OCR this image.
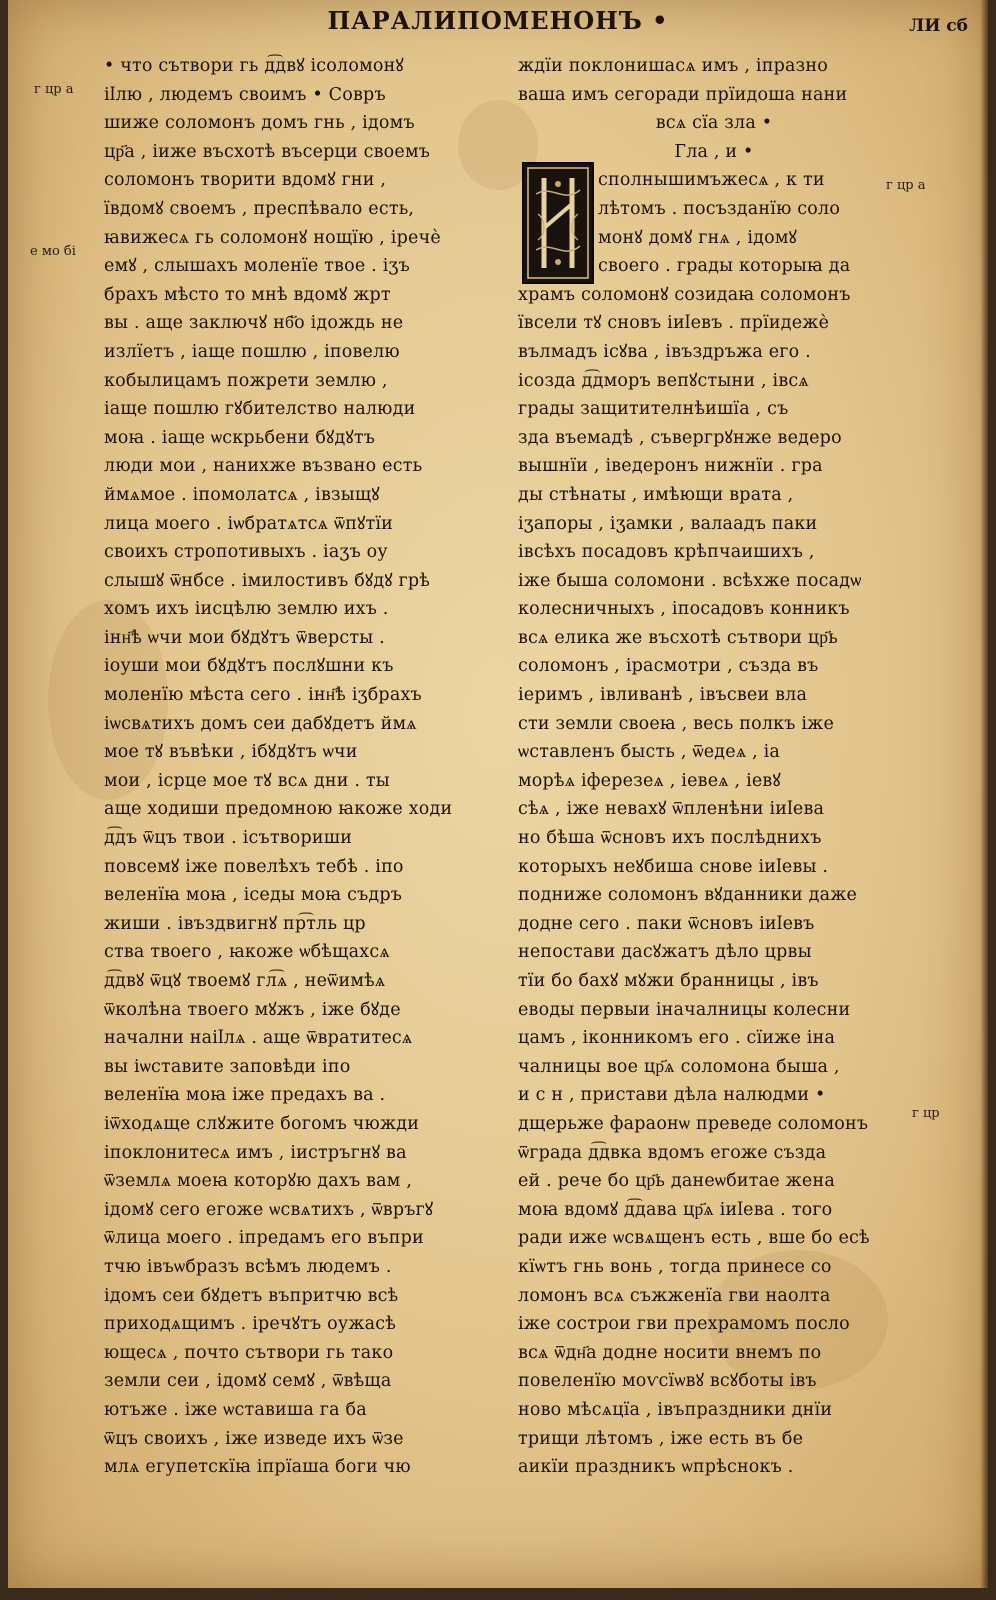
ПАРАЛИПОМЕНОНЪ •	ЛИ сб
г цр а
е мо бі
г цр а
г цр
• что сътвори гь д͡двꙋ ісоломонꙋ
іӏлю , людемъ своимъ • Совръ
шиже соломонъ домъ гнь , ідомъ
цр҃а , іиже въсхотѣ въсерци своемъ
соломонъ творити вдомꙋ гни ,
ївдомꙋ своемъ , преспѣвало есть,
ꙗвижесѧ гь соломонꙋ нощїю , іречѐ
емꙋ , слышахъ моленїе твое . іӡъ
брахъ мѣсто то мнѣ вдомꙋ жрт
вы . аще заключꙋ нб҃о ідождь не
излїетъ , іаще пошлю , іповелю
кобылицамъ пожрети землю ,
іаще пошлю гꙋбителство налюди
моꙗ . іаще ѡскрьбени бꙋдꙋтъ
люди мои , нанихже възвано есть
ймѧмое . іпомолатсѧ , івзыщꙋ
лица моего . іѡбратѧтсѧ ѿпꙋтїи
своихъ стропотивыхъ . іаӡъ оу
слышꙋ ѿнбсе . імилостивъ бꙋдꙋ грѣ
хомъ ихъ іисцѣлю землю ихъ .
інн҃ѣ ѡчи мои бꙋдꙋтъ ѿверсты .
іоуши мои бꙋдꙋтъ послꙋшни къ
моленїю мѣста сего . інн҃ѣ іӡбрахъ
іѡсвѧтихъ домъ сеи дабꙋдетъ ймѧ
мое тꙋ въвѣки , ібꙋдꙋтъ ѡчи
мои , ісрце мое тꙋ всѧ дни . ты
аще ходиши предомною ꙗкоже ходи
д͡дъ ѿцъ твои . ісътвориши
повсемꙋ іже повелѣхъ тебѣ . іпо
веленїꙗ моꙗ , іседы моꙗ съдръ
жиши . івъздвигнꙋ пр͡тль цр
ства твоего , ꙗкоже ѡбѣщахсѧ
д͡двꙋ ѿцꙋ твоемꙋ гл͡ѧ , неѿимѣѧ
ѿколѣна твоего мꙋжъ , іже бꙋде
начални наіӏлѧ . аще ѿвратитесѧ
вы іѡставите заповѣди іпо
веленїꙗ моꙗ іже предахъ ва .
іѿходѧще слꙋжите богомъ чюжди
іпоклонитесѧ имъ , іистръгнꙋ ва
ѿземлѧ моеꙗ которꙋю дахъ вам ,
ідомꙋ сего егоже ѡсвѧтихъ , ѿвръгꙋ
ѿлица моего . іпредамъ его въпри
тчю івъѡбразъ всѣмъ людемъ .
ідомъ сеи бꙋдетъ въпритчю всѣ
приходѧщимъ . іречꙋтъ оужасѣ
ющесѧ , почто сътвори гь тако
земли сеи , ідомꙋ семꙋ , ѿвѣща
ютъже . іже ѡставиша га ба
ѿцъ своихъ , іже изведе ихъ ѿзе
млѧ егупетскїꙗ іпрїаша боги чю
ждїи поклонишасѧ имъ , іпразно
ваша имъ сегоради прїидоша нани
всѧ сїа зла •
Гла , и •
сполнышимъжесѧ , к ти
лѣтомъ . посъзданїю соло
монꙋ домꙋ гнѧ , ідомꙋ
своего . грады которыꙗ да
храмъ соломонꙋ созидаꙗ соломонъ
ївсели тꙋ сновъ іиӏевъ . прїидежѐ
вълмадъ ісꙋва , івъздръжа его .
ісозда д͡дморъ вепꙋстыни , івсѧ
грады защитителнѣишїа , съ
зда въемадѣ , съвергрꙋнже ведеро
вышнїи , іведеронъ нижнїи . гра
ды стѣнаты , имѣющи врата ,
іӡапоры , іӡамки , валаадъ паки
івсѣхъ посадовъ крѣпчаишихъ ,
іже быша соломони . всѣхже посадѡ
колесничныхъ , іпосадовъ конникъ
всѧ елика же въсхотѣ сътвори цр҃ь
соломонъ , ірасмотри , създа въ
іеримъ , івливанѣ , івъсвеи вла
сти земли своеꙗ , весь полкъ іже
ѡставленъ бысть , ѿедеѧ , іа
морѣѧ іферезеѧ , іевеѧ , іевꙋ
сѣѧ , іже невахꙋ ѿпленѣни іиӏева
но бѣша ѿсновъ ихъ послѣднихъ
которыхъ неꙋбиша снове іиӏевы .
подниже соломонъ вꙋданники даже
додне сего . паки ѿсновъ іиӏевъ
непостави дасꙋжатъ дѣло црвы
тїи бо бахꙋ мꙋжи бранницы , івъ
еводы первыи іначалницы колесни
цамъ , іконникомъ его . сїиже іна
чалницы вое цр҃ѧ соломона быша ,
и с н , пристави дѣла налюдми •
дщерьже фараонѡ преведе соломонъ
ѿграда д͡двка вдомъ егоже създа
ей . рече бо цр҃ь данеѡбитае жена
моꙗ вдомꙋ д͡дава цр҃ѧ іиӏева . того
ради иже ѡсвѧщенъ есть , вше бо есѣ
кїѡтъ гнь вонь , тогда принесе со
ломонъ всѧ съжженїа гви наолта
іже сострои гви прехрамомъ посло
всѧ ѿдн҃а додне носити внемъ по
повеленїю моѵсїѡвꙋ всꙋботы івъ
ново мѣсѧцїа , івъпраздники днїи
трищи лѣтомъ , іже есть въ бе
аикїи праздникъ ѡпрѣснокъ .
